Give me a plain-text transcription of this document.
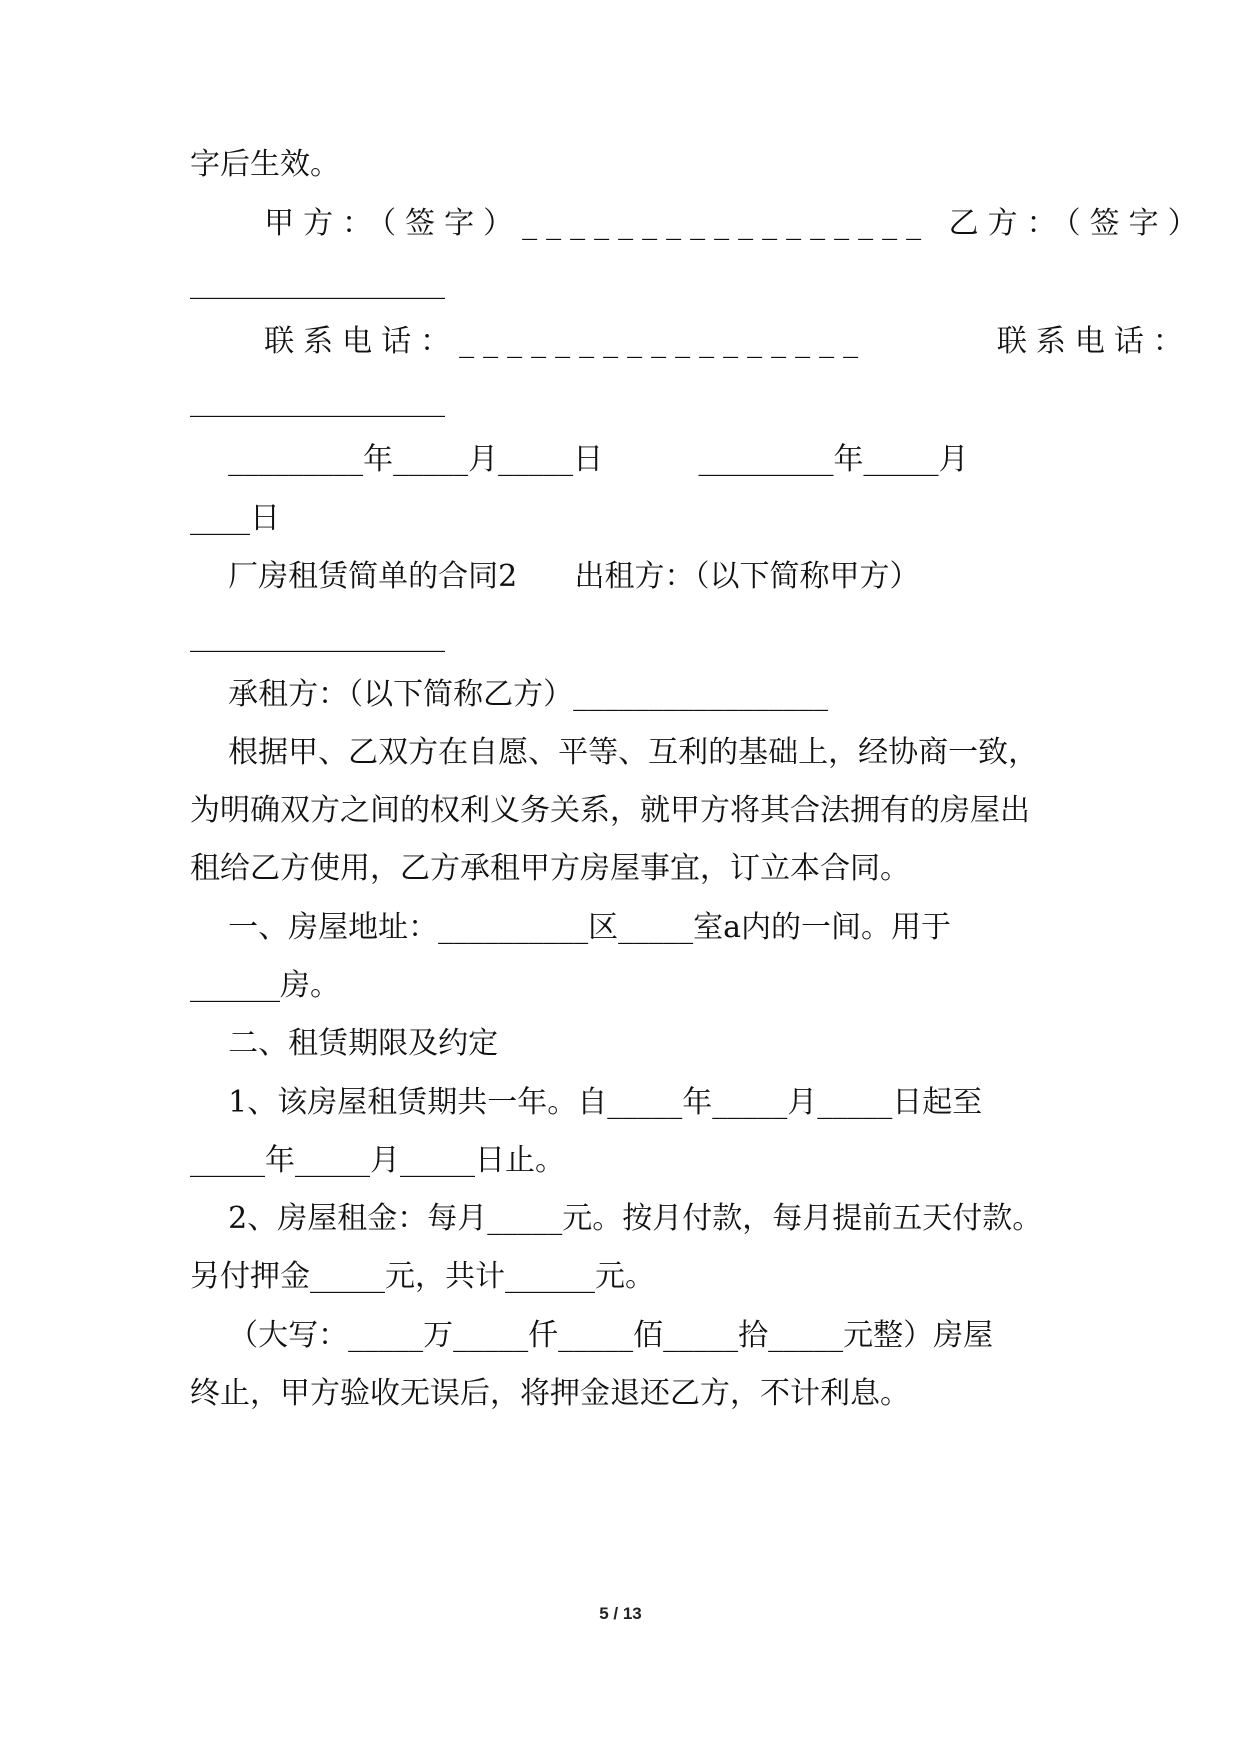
字后生效。
甲方：（签字）_________________ 乙方：（签字）
_________________
联系电话：_________________       联系电话：
_________________
_________年_____月_____日          _________年_____月
____日
厂房租赁简单的合同2      出租方：（以下简称甲方）
_________________
承租方：（以下简称乙方）_________________
根据甲、乙双方在自愿、平等、互利的基础上，经协商一致，
为明确双方之间的权利义务关系，就甲方将其合法拥有的房屋出
租给乙方使用，乙方承租甲方房屋事宜，订立本合同。
一、房屋地址：__________区_____室a内的一间。用于
______房。
二、租赁期限及约定
1、该房屋租赁期共一年。自_____年_____月_____日起至
_____年_____月_____日止。
2、房屋租金：每月_____元。按月付款，每月提前五天付款。
另付押金_____元，共计______元。
（大写：_____万_____仟_____佰_____拾_____元整）房屋
终止，甲方验收无误后，将押金退还乙方，不计利息。
5 / 13
